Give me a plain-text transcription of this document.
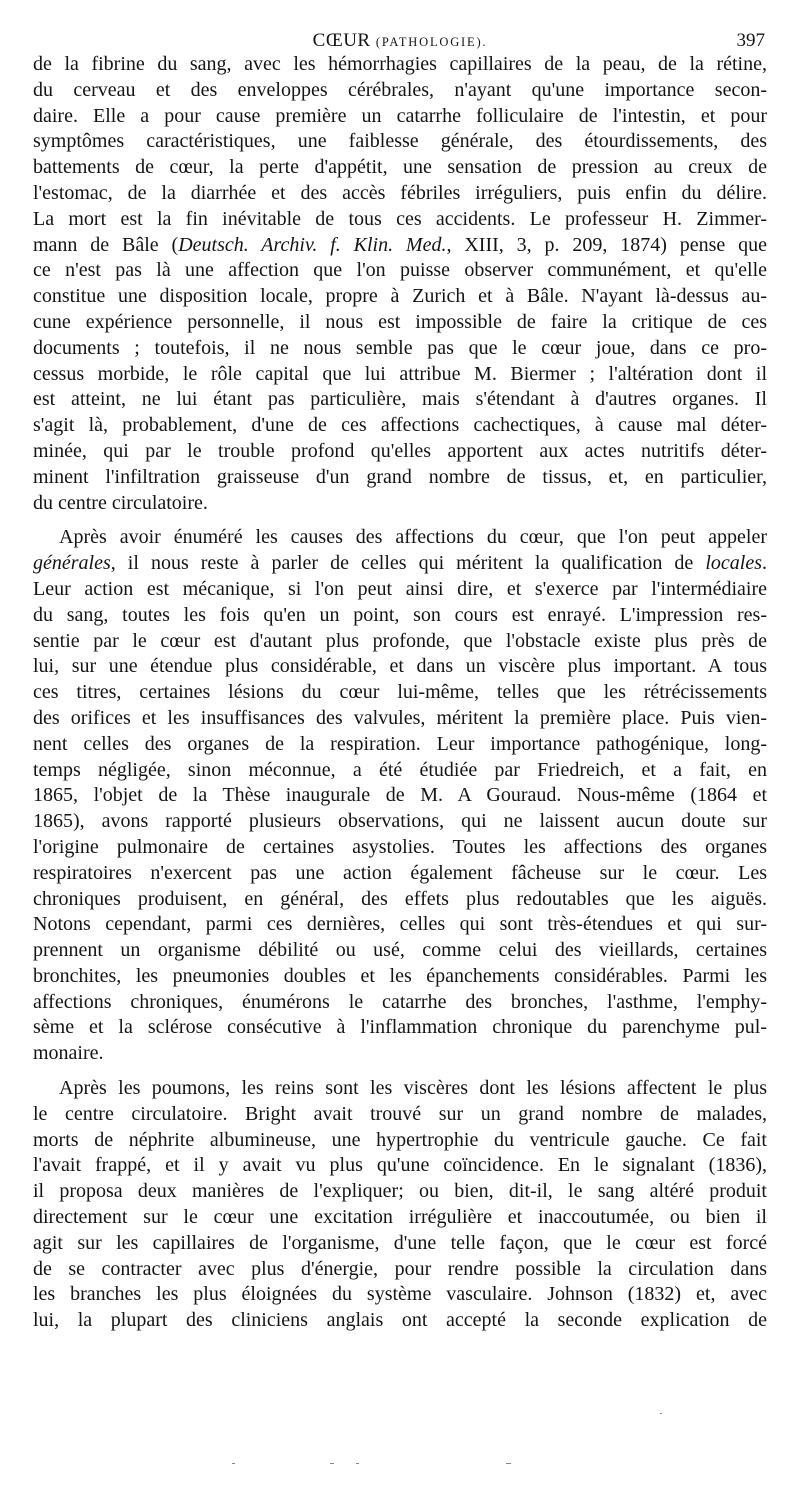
CŒUR (PATHOLOGIE).	397
de la fibrine du sang, avec les hémorrhagies capillaires de la peau, de la rétine,
du cerveau et des enveloppes cérébrales, n'ayant qu'une importance secon-
daire. Elle a pour cause première un catarrhe folliculaire de l'intestin, et pour
symptômes caractéristiques, une faiblesse générale, des étourdissements, des
battements de cœur, la perte d'appétit, une sensation de pression au creux de
l'estomac, de la diarrhée et des accès fébriles irréguliers, puis enfin du délire.
La mort est la fin inévitable de tous ces accidents. Le professeur H. Zimmer-
mann de Bâle (Deutsch. Archiv. f. Klin. Med., XIII, 3, p. 209, 1874) pense que
ce n'est pas là une affection que l'on puisse observer communément, et qu'elle
constitue une disposition locale, propre à Zurich et à Bâle. N'ayant là-dessus au-
cune expérience personnelle, il nous est impossible de faire la critique de ces
documents ; toutefois, il ne nous semble pas que le cœur joue, dans ce pro-
cessus morbide, le rôle capital que lui attribue M. Biermer ; l'altération dont il
est atteint, ne lui étant pas particulière, mais s'étendant à d'autres organes. Il
s'agit là, probablement, d'une de ces affections cachectiques, à cause mal déter-
minée, qui par le trouble profond qu'elles apportent aux actes nutritifs déter-
minent l'infiltration graisseuse d'un grand nombre de tissus, et, en particulier,
du centre circulatoire.
Après avoir énuméré les causes des affections du cœur, que l'on peut appeler
générales, il nous reste à parler de celles qui méritent la qualification de locales.
Leur action est mécanique, si l'on peut ainsi dire, et s'exerce par l'intermédiaire
du sang, toutes les fois qu'en un point, son cours est enrayé. L'impression res-
sentie par le cœur est d'autant plus profonde, que l'obstacle existe plus près de
lui, sur une étendue plus considérable, et dans un viscère plus important. A tous
ces titres, certaines lésions du cœur lui-même, telles que les rétrécissements
des orifices et les insuffisances des valvules, méritent la première place. Puis vien-
nent celles des organes de la respiration. Leur importance pathogénique, long-
temps négligée, sinon méconnue, a été étudiée par Friedreich, et a fait, en
1865, l'objet de la Thèse inaugurale de M. A Gouraud. Nous-même (1864 et
1865), avons rapporté plusieurs observations, qui ne laissent aucun doute sur
l'origine pulmonaire de certaines asystolies. Toutes les affections des organes
respiratoires n'exercent pas une action également fâcheuse sur le cœur. Les
chroniques produisent, en général, des effets plus redoutables que les aiguës.
Notons cependant, parmi ces dernières, celles qui sont très-étendues et qui sur-
prennent un organisme débilité ou usé, comme celui des vieillards, certaines
bronchites, les pneumonies doubles et les épanchements considérables. Parmi les
affections chroniques, énumérons le catarrhe des bronches, l'asthme, l'emphy-
sème et la sclérose consécutive à l'inflammation chronique du parenchyme pul-
monaire.
Après les poumons, les reins sont les viscères dont les lésions affectent le plus
le centre circulatoire. Bright avait trouvé sur un grand nombre de malades,
morts de néphrite albumineuse, une hypertrophie du ventricule gauche. Ce fait
l'avait frappé, et il y avait vu plus qu'une coïncidence. En le signalant (1836),
il proposa deux manières de l'expliquer; ou bien, dit-il, le sang altéré produit
directement sur le cœur une excitation irrégulière et inaccoutumée, ou bien il
agit sur les capillaires de l'organisme, d'une telle façon, que le cœur est forcé
de se contracter avec plus d'énergie, pour rendre possible la circulation dans
les branches les plus éloignées du système vasculaire. Johnson (1832) et, avec
lui, la plupart des cliniciens anglais ont accepté la seconde explication de
